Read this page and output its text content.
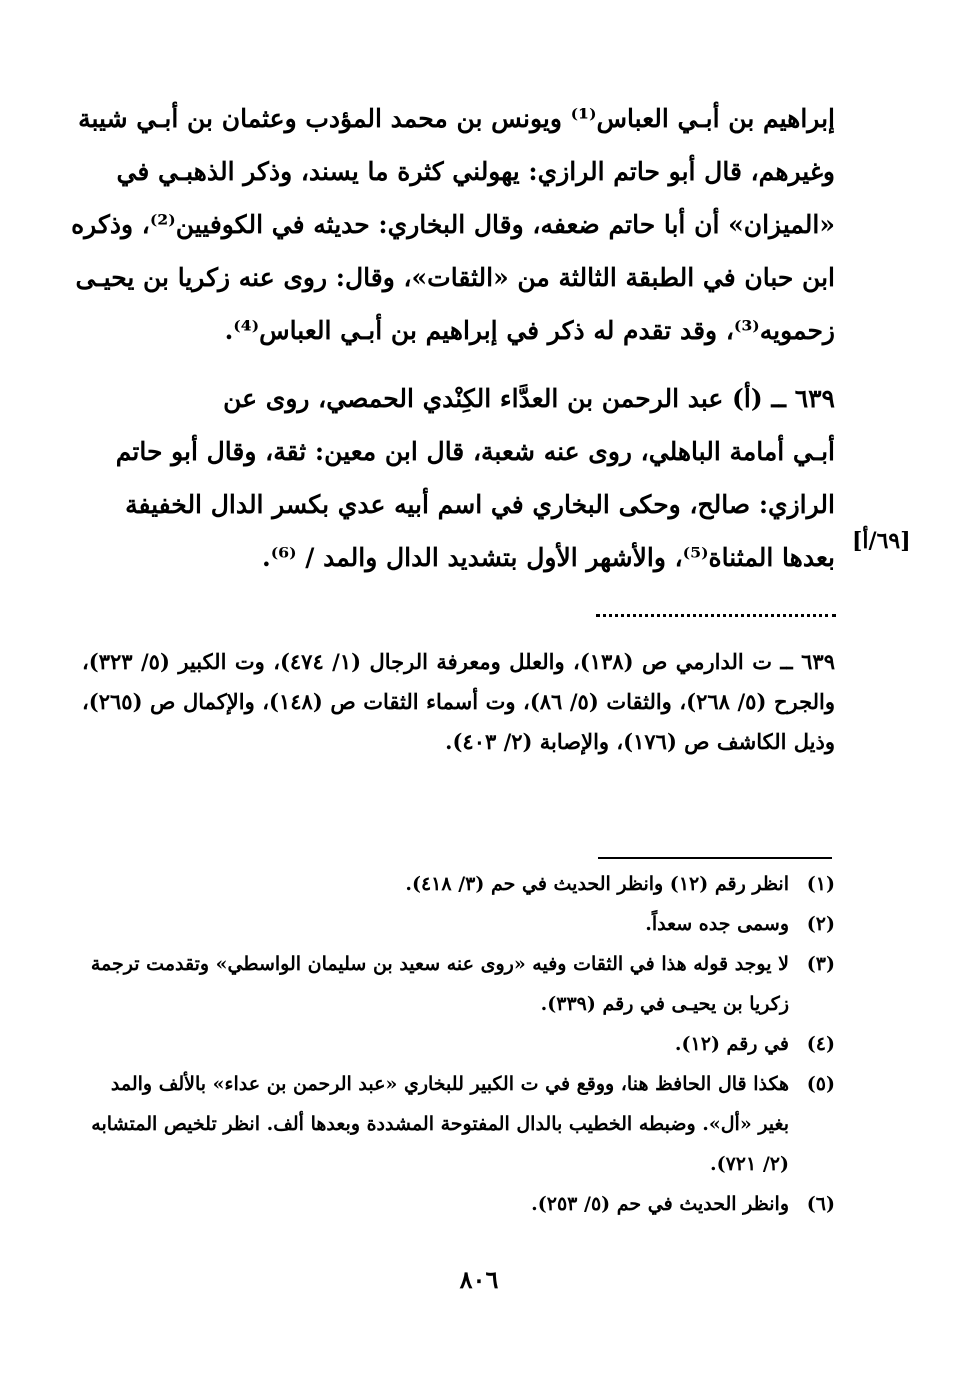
إبراهيم بن أبـي العباس⁽¹⁾ ويونس بن محمد المؤدب وعثمان بن أبـي شيبة
وغيرهم، قال أبو حاتم الرازي: يهولني كثرة ما يسند، وذكر الذهبـي في
«الميزان» أن أبا حاتم ضعفه، وقال البخاري: حديثه في الكوفيين⁽²⁾، وذكره
ابن حبان في الطبقة الثالثة من «الثقات»، وقال: روى عنه زكريا بن يحيـى
زحمويه⁽³⁾، وقد تقدم له ذكر في إبراهيم بن أبـي العباس⁽⁴⁾.
٦٣٩ ــ (أ) عبد الرحمن بن العدَّاء الكِنْدي الحمصي، روى عن
أبـي أمامة الباهلي، روى عنه شعبة، قال ابن معين: ثقة، وقال أبو حاتم
الرازي: صالح، وحكى البخاري في اسم أبيه عدي بكسر الدال الخفيفة
بعدها المثناة⁽⁵⁾، والأشهر الأول بتشديد الدال والمد / ⁽⁶⁾.
[٦٩/أ]
٦٣٩ ــ ت الدارمي ص (١٣٨)، والعلل ومعرفة الرجال (١/ ٤٧٤)، وت الكبير (٥/ ٣٢٣)، والجرح (٥/ ٢٦٨)، والثقات (٥/ ٨٦)، وت أسماء الثقات ص (١٤٨)، والإكمال ص (٢٦٥)، وذيل الكاشف ص (١٧٦)، والإصابة (٢/ ٤٠٣).
(١)
انظر رقم (١٢) وانظر الحديث في حم (٣/ ٤١٨).
(٢)
وسمى جده سعداً.
(٣)
لا يوجد قوله هذا في الثقات وفيه «روى عنه سعيد بن سليمان الواسطي» وتقدمت ترجمة زكريا بن يحيـى في رقم (٣٣٩).
(٤)
في رقم (١٢).
(٥)
هكذا قال الحافظ هنا، ووقع في ت الكبير للبخاري «عبد الرحمن بن عداء» بالألف والمد بغير «أل». وضبطه الخطيب بالدال المفتوحة المشددة وبعدها ألف. انظر تلخيص المتشابه (٢/ ٧٢١).
(٦)
وانظر الحديث في حم (٥/ ٢٥٣).
٨٠٦
